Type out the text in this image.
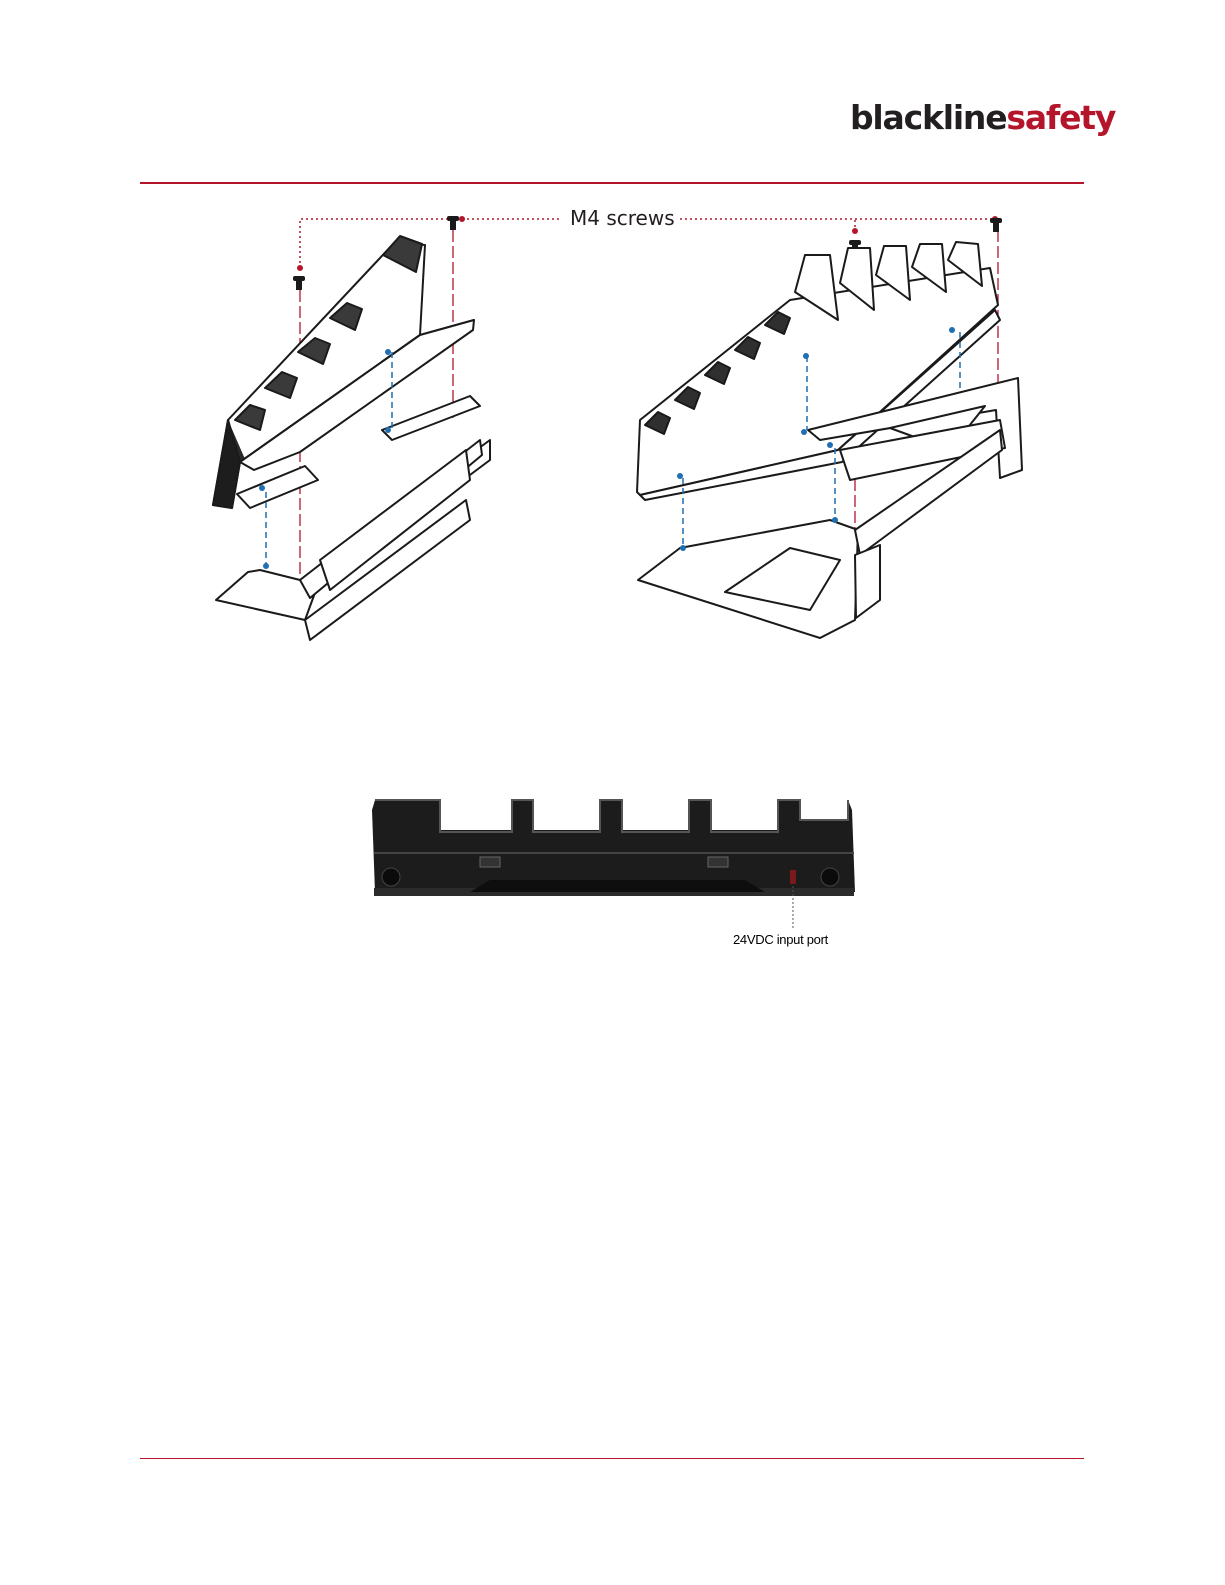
blacklinesafety
M4 screws
24VDC input port
